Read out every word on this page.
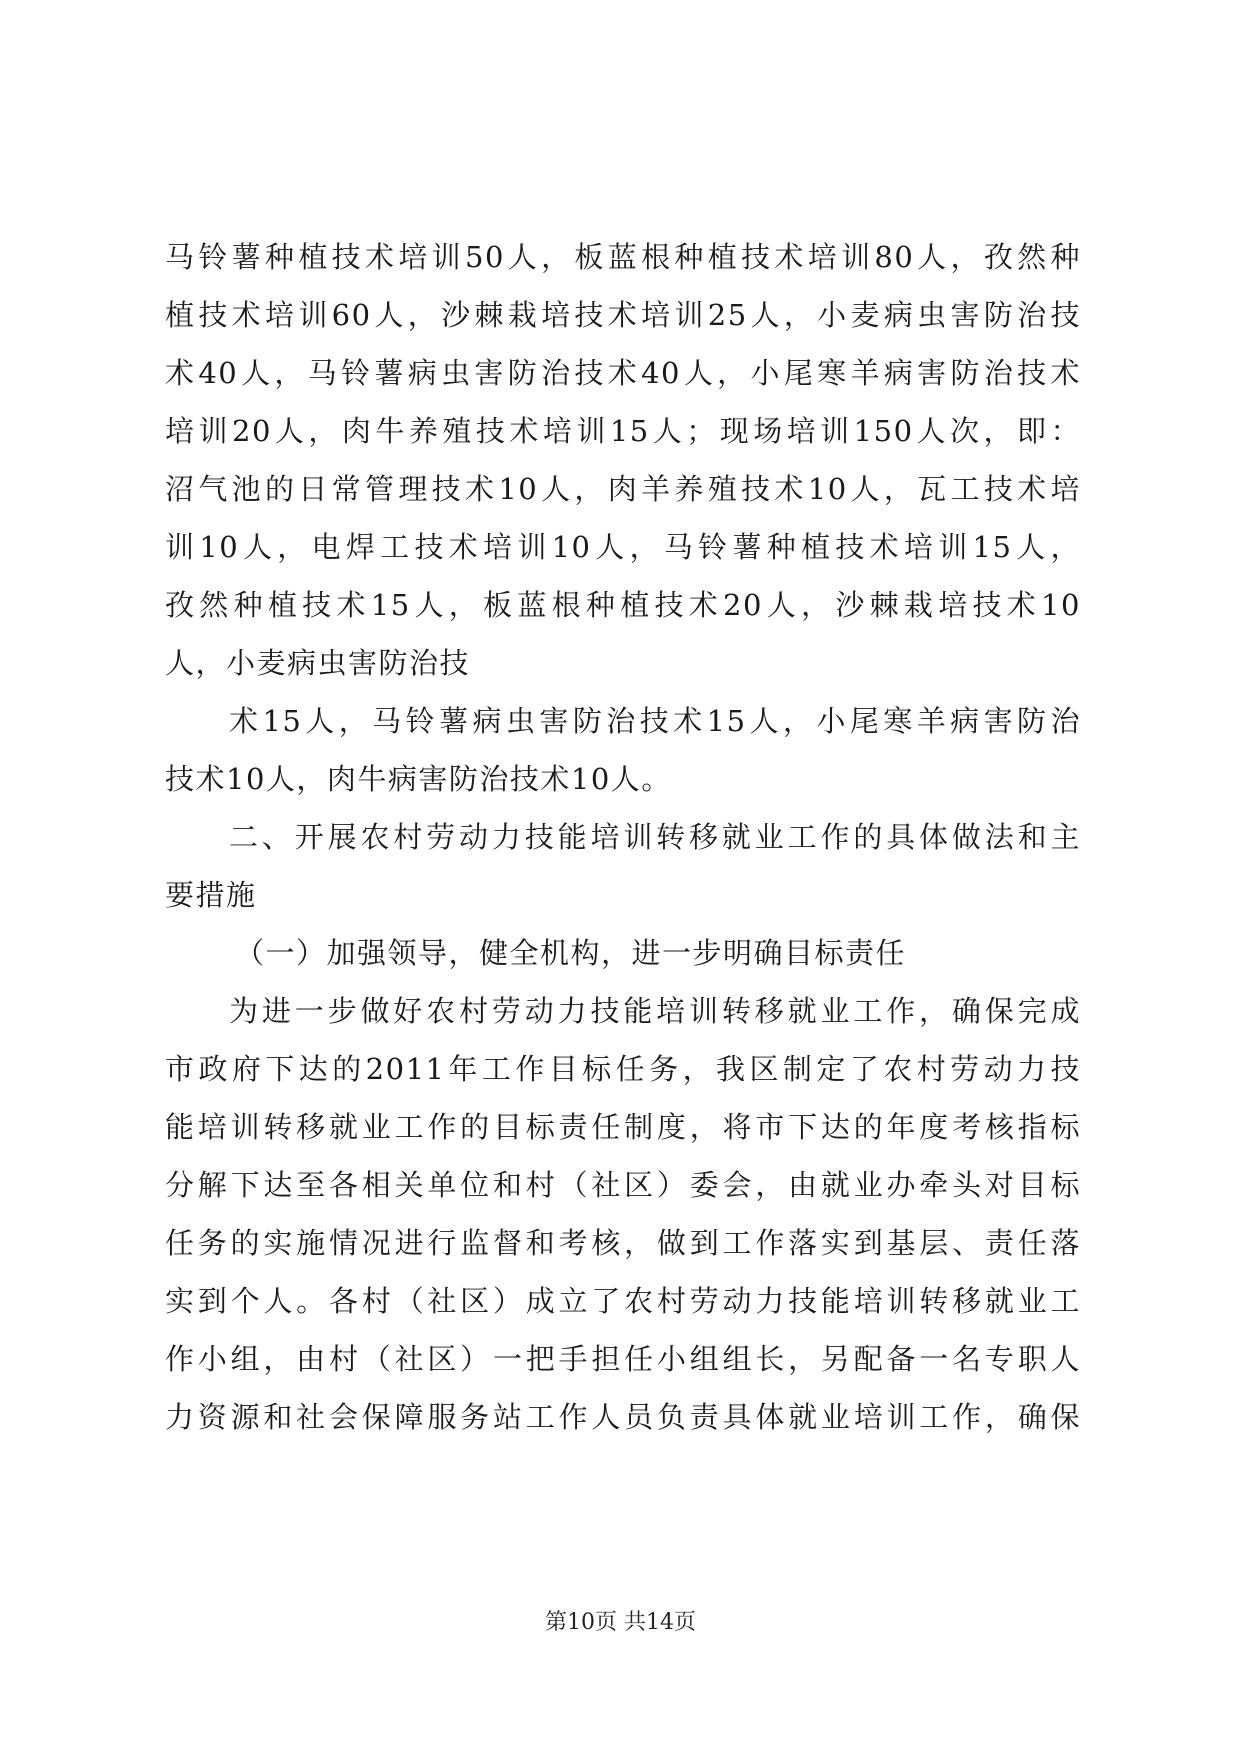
马铃薯种植技术培训50人，板蓝根种植技术培训80人，孜然种
植技术培训60人，沙棘栽培技术培训25人，小麦病虫害防治技
术40人，马铃薯病虫害防治技术40人，小尾寒羊病害防治技术
培训20人，肉牛养殖技术培训15人；现场培训150人次，即：
沼气池的日常管理技术10人，肉羊养殖技术10人，瓦工技术培
训10人，电焊工技术培训10人，马铃薯种植技术培训15人，
孜然种植技术15人，板蓝根种植技术20人，沙棘栽培技术10
人，小麦病虫害防治技
术15人，马铃薯病虫害防治技术15人，小尾寒羊病害防治
技术10人，肉牛病害防治技术10人。
二、开展农村劳动力技能培训转移就业工作的具体做法和主
要措施
（一）加强领导，健全机构，进一步明确目标责任
为进一步做好农村劳动力技能培训转移就业工作，确保完成
市政府下达的2011年工作目标任务，我区制定了农村劳动力技
能培训转移就业工作的目标责任制度，将市下达的年度考核指标
分解下达至各相关单位和村（社区）委会，由就业办牵头对目标
任务的实施情况进行监督和考核，做到工作落实到基层、责任落
实到个人。各村（社区）成立了农村劳动力技能培训转移就业工
作小组，由村（社区）一把手担任小组组长，另配备一名专职人
力资源和社会保障服务站工作人员负责具体就业培训工作，确保
第10页 共14页
